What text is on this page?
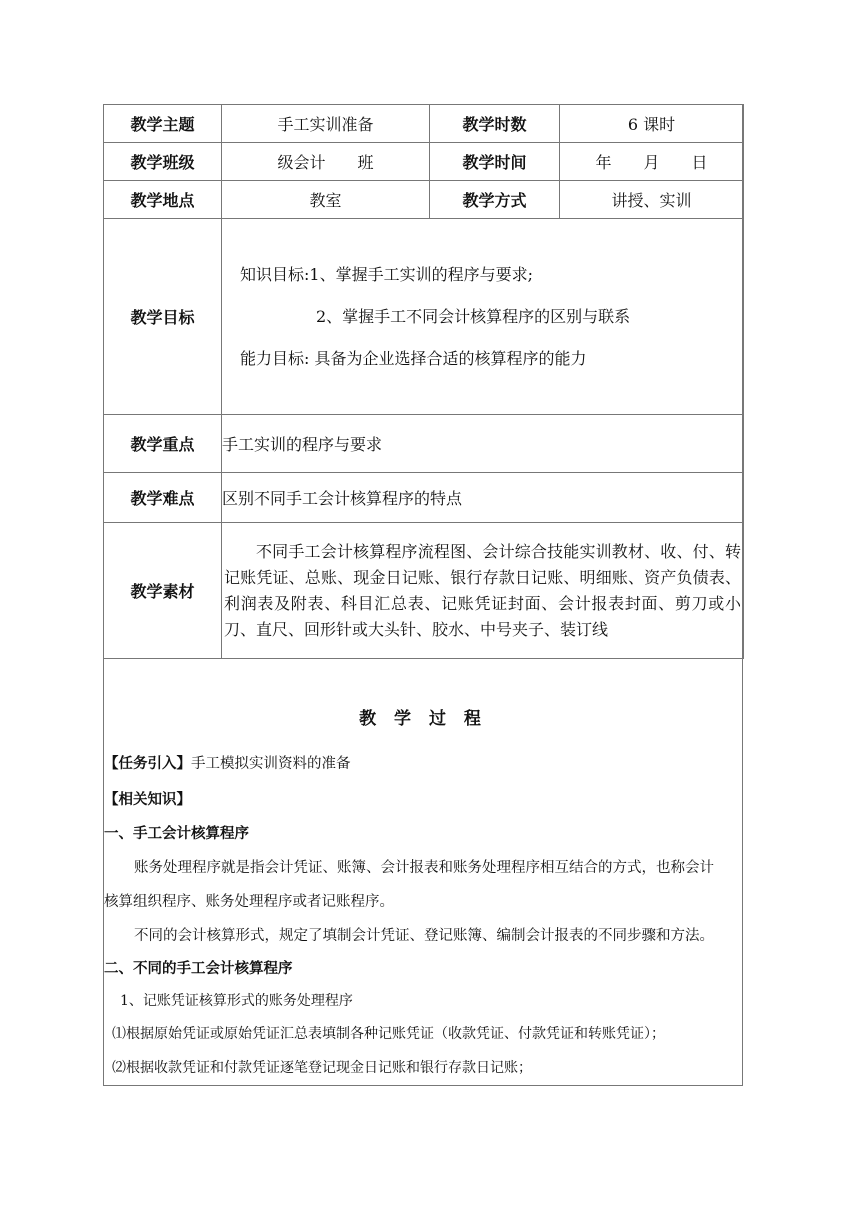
教学主题	手工实训准备	教学时数	6 课时
教学班级	级会计　　班	教学时间	年　　月　　日
教学地点	教室	教学方式	讲授、实训
教学目标	知识目标:1、掌握手工实训的程序与要求;

2、掌握手工不同会计核算程序的区别与联系

能力目标: 具备为企业选择合适的核算程序的能力		

教学重点	手工实训的程序与要求		
教学难点	区别不同手工会计核算程序的特点		
教学素材	不同手工会计核算程序流程图、会计综合技能实训教材、收、付、转记账凭证、总账、现金日记账、银行存款日记账、明细账、资产负债表、利润表及附表、科目汇总表、记账凭证封面、会计报表封面、剪刀或小刀、直尺、回形针或大头针、胶水、中号夹子、装订线		
教 学 过 程
【任务引入】手工模拟实训资料的准备
【相关知识】
一、手工会计核算程序
账务处理程序就是指会计凭证、账簿、会计报表和账务处理程序相互结合的方式，也称会计
核算组织程序、账务处理程序或者记账程序。
不同的会计核算形式，规定了填制会计凭证、登记账簿、编制会计报表的不同步骤和方法。
二、不同的手工会计核算程序
1、记账凭证核算形式的账务处理程序
⑴根据原始凭证或原始凭证汇总表填制各种记账凭证（收款凭证、付款凭证和转账凭证）；
⑵根据收款凭证和付款凭证逐笔登记现金日记账和银行存款日记账；
